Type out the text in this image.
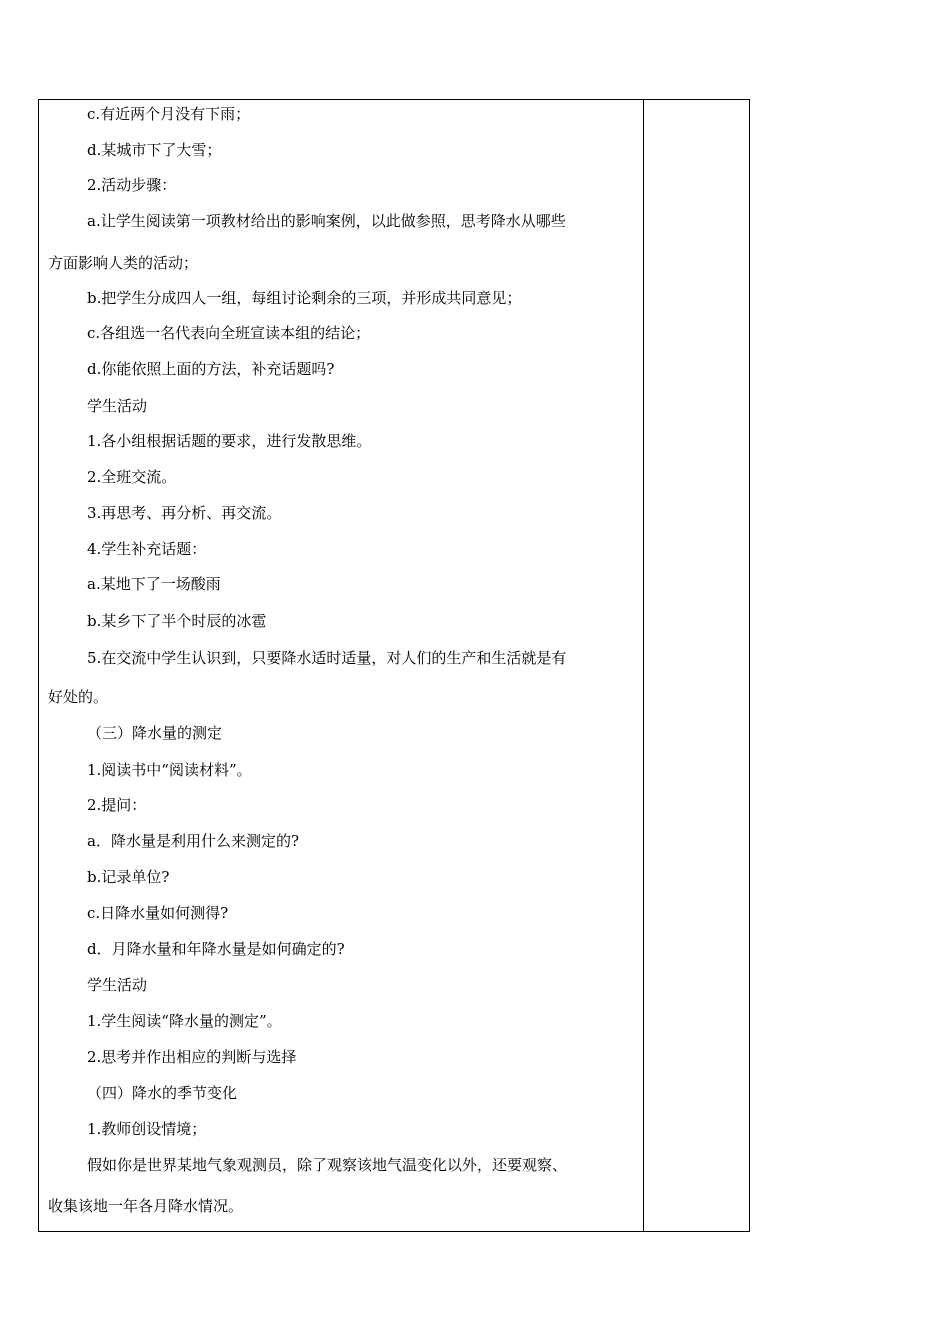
c.有近两个月没有下雨；
d.某城市下了大雪；
2.活动步骤：
a.让学生阅读第一项教材给出的影响案例，以此做参照，思考降水从哪些
方面影响人类的活动；
b.把学生分成四人一组，每组讨论剩余的三项，并形成共同意见；
c.各组选一名代表向全班宣读本组的结论；
d.你能依照上面的方法，补充话题吗?
学生活动
1.各小组根据话题的要求，进行发散思维。
2.全班交流。
3.再思考、再分析、再交流。
4.学生补充话题：
a.某地下了一场酸雨
b.某乡下了半个时辰的冰雹
5.在交流中学生认识到，只要降水适时适量，对人们的生产和生活就是有
好处的。
（三）降水量的测定
1.阅读书中“阅读材料”。
2.提问：
a．降水量是利用什么来测定的?
b.记录单位?
c.日降水量如何测得?
d．月降水量和年降水量是如何确定的?
学生活动
1.学生阅读“降水量的测定”。
2.思考并作出相应的判断与选择
（四）降水的季节变化
1.教师创设情境；
假如你是世界某地气象观测员，除了观察该地气温变化以外，还要观察、
收集该地一年各月降水情况。
